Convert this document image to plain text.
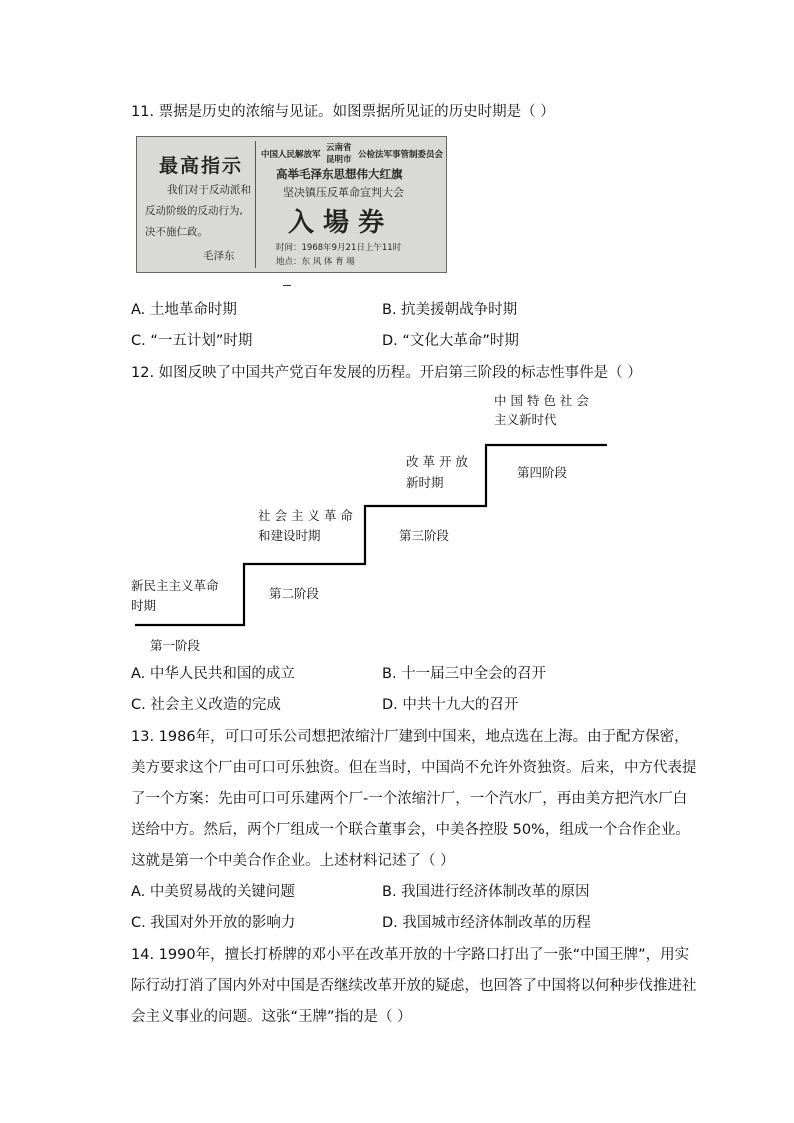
11. 票据是历史的浓缩与见证。如图票据所见证的历史时期是（ ）
最高指示
我们对于反动派和
反动阶级的反动行为,
决不施仁政。
毛泽东
中国人民解放军
云南省
昆明市 公检法军事管制委员会
高举毛泽东思想伟大红旗
坚决镇压反革命宣判大会
入 場 券
时间：1968年9月21日上午11时
地点：东 风 体 育 場
A. 土地革命时期	B. 抗美援朝战争时期
C. “一五计划”时期	D. “文化大革命”时期
12. 如图反映了中国共产党百年发展的历程。开启第三阶段的标志性事件是（ ）
新民主主义革命
时期
社 会 主 义 革 命
和建设时期
改 革 开 放
新时期
中 国 特 色 社 会
主义新时代
第一阶段
第二阶段
第三阶段
第四阶段
A. 中华人民共和国的成立	B. 十一届三中全会的召开
C. 社会主义改造的完成	D. 中共十九大的召开
13. 1986年，可口可乐公司想把浓缩汁厂建到中国来，地点选在上海。由于配方保密，美方要求这个厂由可口可乐独资。但在当时，中国尚不允许外资独资。后来，中方代表提了一个方案：先由可口可乐建两个厂-一个浓缩汁厂，一个汽水厂，再由美方把汽水厂白送给中方。然后，两个厂组成一个联合董事会，中美各控股 50%，组成一个合作企业。这就是第一个中美合作企业。上述材料记述了（ ）
A. 中美贸易战的关键问题	B. 我国进行经济体制改革的原因
C. 我国对外开放的影响力	D. 我国城市经济体制改革的历程
14. 1990年，擅长打桥牌的邓小平在改革开放的十字路口打出了一张“中国王牌”，用实际行动打消了国内外对中国是否继续改革开放的疑虑，也回答了中国将以何种步伐推进社会主义事业的问题。这张“王牌”指的是（ ）
